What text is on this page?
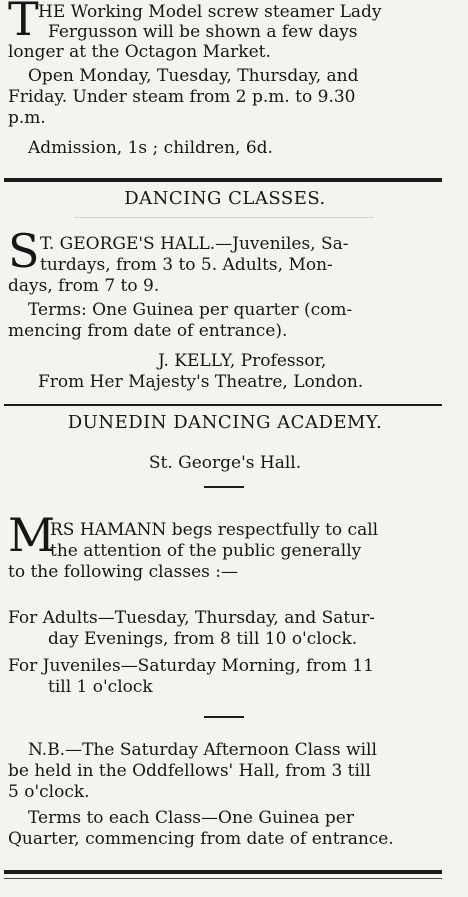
T HE Working Model screw steamer Lady
Fergusson will be shown a few days
longer at the Octagon Market.
Open Monday, Tuesday, Thursday, and
Friday. Under steam from 2 p.m. to 9.30
p.m.
Admission, 1s ; children, 6d.
DANCING CLASSES.
S T. GEORGE'S HALL.—Juveniles, Sa-
turdays, from 3 to 5. Adults, Mon-
days, from 7 to 9.
Terms: One Guinea per quarter (com-
mencing from date of entrance).
J. KELLY, Professor,
From Her Majesty's Theatre, London.
DUNEDIN DANCING ACADEMY.
St. George's Hall.
M
RS HAMANN begs respectfully to call
the attention of the public generally
to the following classes :—
For Adults—Tuesday, Thursday, and Satur-
day Evenings, from 8 till 10 o'clock.
For Juveniles—Saturday Morning, from 11
till 1 o'clock
N.B.—The Saturday Afternoon Class will
be held in the Oddfellows' Hall, from 3 till
5 o'clock.
Terms to each Class—One Guinea per
Quarter, commencing from date of entrance.
